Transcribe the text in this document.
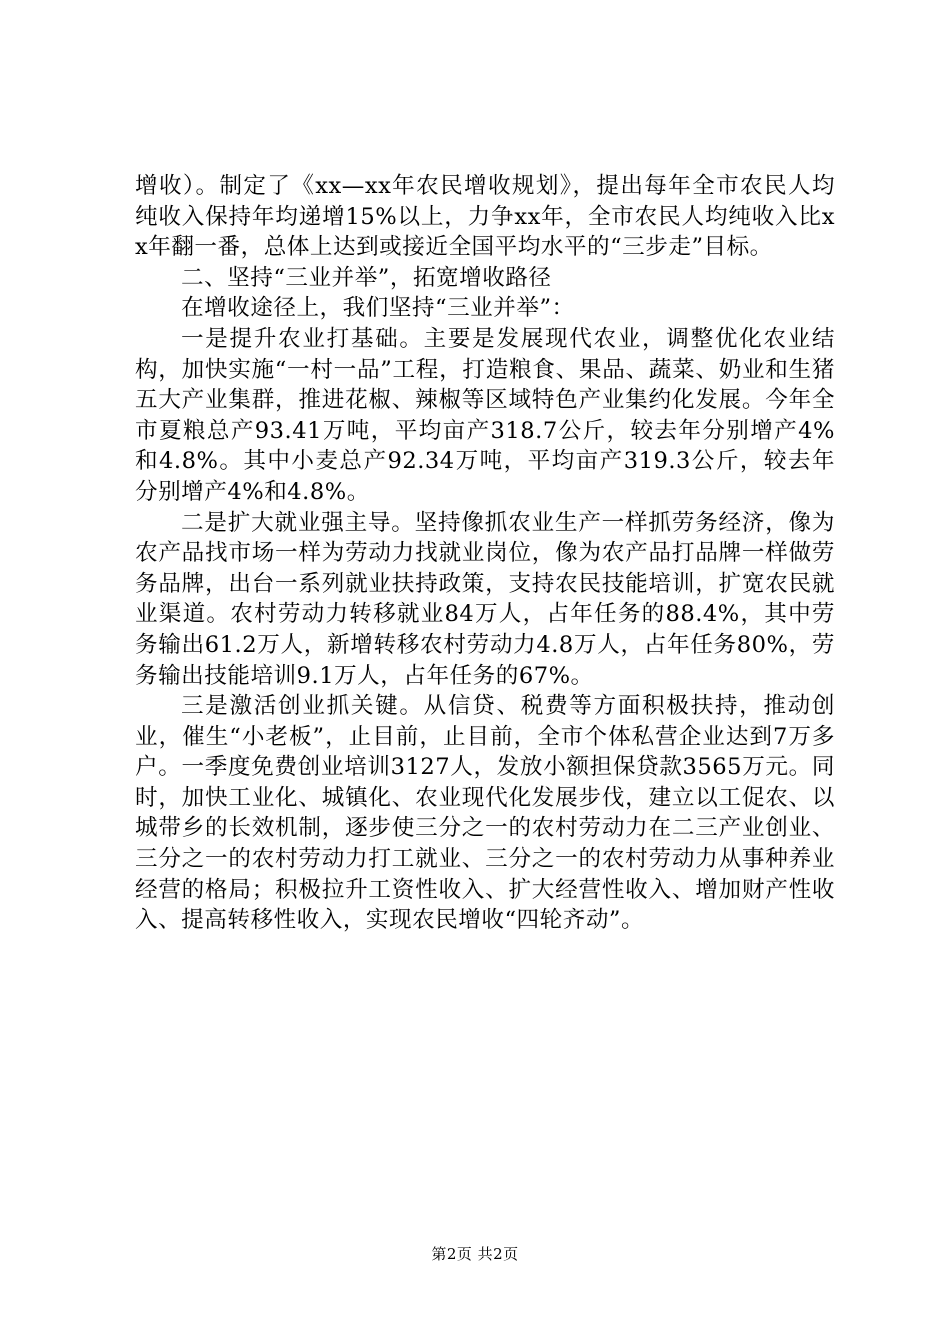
增收）。制定了《xx—xx年农民增收规划》，提出每年全市农民人均纯收入保持年均递增15%以上，力争xx年，全市农民人均纯收入比xx年翻一番，总体上达到或接近全国平均水平的“三步走”目标。

二、坚持“三业并举”，拓宽增收路径

在增收途径上，我们坚持“三业并举”：

一是提升农业打基础。主要是发展现代农业，调整优化农业结构，加快实施“一村一品”工程，打造粮食、果品、蔬菜、奶业和生猪五大产业集群，推进花椒、辣椒等区域特色产业集约化发展。今年全市夏粮总产93.41万吨，平均亩产318.7公斤，较去年分别增产4%和4.8%。其中小麦总产92.34万吨，平均亩产319.3公斤，较去年分别增产4%和4.8%。

二是扩大就业强主导。坚持像抓农业生产一样抓劳务经济，像为农产品找市场一样为劳动力找就业岗位，像为农产品打品牌一样做劳务品牌，出台一系列就业扶持政策，支持农民技能培训，扩宽农民就业渠道。农村劳动力转移就业84万人，占年任务的88.4%，其中劳务输出61.2万人，新增转移农村劳动力4.8万人，占年任务80%，劳务输出技能培训9.1万人，占年任务的67%。

三是激活创业抓关键。从信贷、税费等方面积极扶持，推动创业，催生“小老板”，止目前，止目前，全市个体私营企业达到7万多户。一季度免费创业培训3127人，发放小额担保贷款3565万元。同时，加快工业化、城镇化、农业现代化发展步伐，建立以工促农、以城带乡的长效机制，逐步使三分之一的农村劳动力在二三产业创业、三分之一的农村劳动力打工就业、三分之一的农村劳动力从事种养业经营的格局；积极拉升工资性收入、扩大经营性收入、增加财产性收入、提高转移性收入，实现农民增收“四轮齐动”。

第2页 共2页
